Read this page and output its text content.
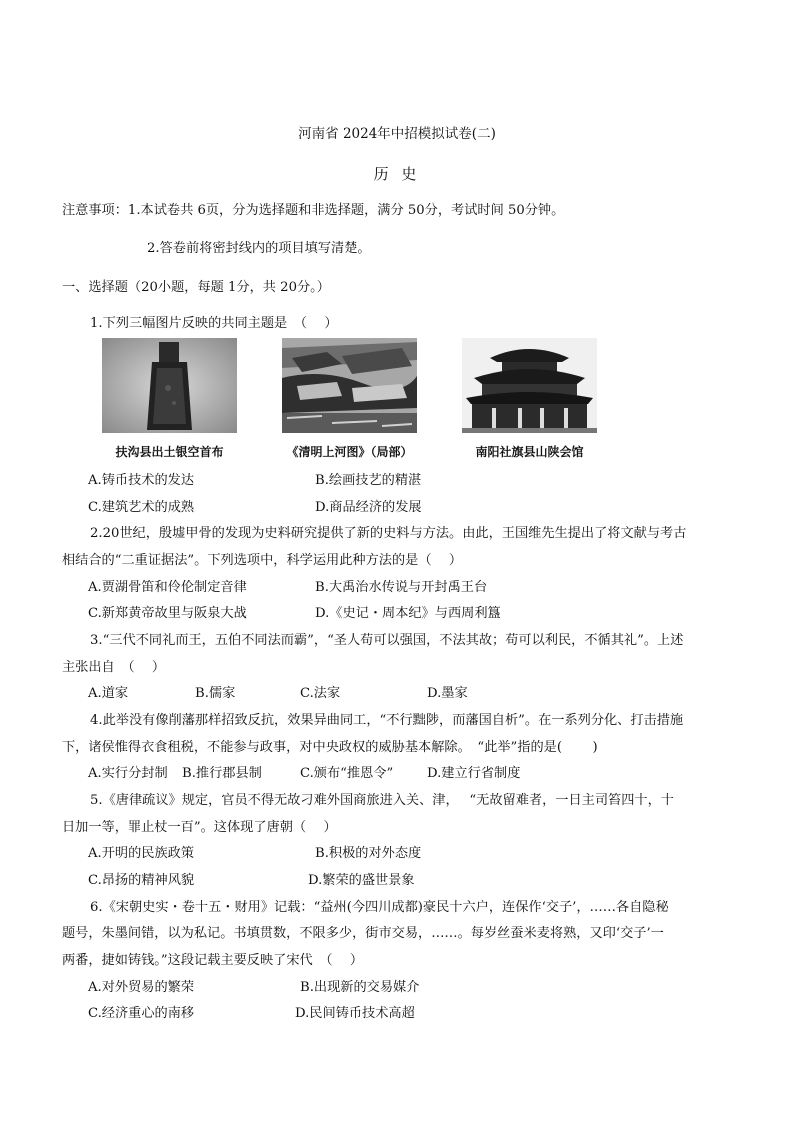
河南省 2024年中招模拟试卷(二)
历 史
注意事项：1.本试卷共 6页，分为选择题和非选择题，满分 50分，考试时间 50分钟。
2.答卷前将密封线内的项目填写清楚。
一、选择题（20小题，每题 1分，共 20分。）
1.下列三幅图片反映的共同主题是　（　 ）
扶沟县出土银空首布	《清明上河图》（局部）	南阳社旗县山陕会馆
A.铸币技术的发达	B.绘画技艺的精湛
C.建筑艺术的成熟	D.商品经济的发展
2.20世纪，殷墟甲骨的发现为史料研究提供了新的史料与方法。由此，王国维先生提出了将文献与考古
相结合的“二重证据法”。下列选项中，科学运用此种方法的是（　 ）
A.贾湖骨笛和伶伦制定音律	B.大禹治水传说与开封禹王台
C.新郑黄帝故里与阪泉大战	D.《史记・周本纪》与西周利簋
3.“三代不同礼而王，五伯不同法而霸”，“圣人苟可以强国，不法其故；苟可以利民，不循其礼”。上述
主张出自　（　 ）
A.道家	B.儒家	C.法家	D.墨家
4.此举没有像削藩那样招致反抗，效果异曲同工，“不行黜陟，而藩国自析”。在一系列分化、打击措施
下，诸侯惟得衣食租税，不能参与政事，对中央政权的威胁基本解除。　“此举”指的是(　 　)
A.实行分封制 B.推行郡县制	C.颁布“推恩令”	D.建立行省制度
5.《唐律疏议》规定，官员不得无故刁难外国商旅进入关、津，　 “无故留难者，一日主司笞四十，十
日加一等，罪止杖一百”。这体现了唐朝（　 ）
A.开明的民族政策	B.积极的对外态度
C.昂扬的精神风貌	D.繁荣的盛世景象
6.《宋朝史实・卷十五・财用》记载：“益州(今四川成都)豪民十六户，连保作‘交子’，……各自隐秘
题号，朱墨间错，以为私记。书填贯数，不限多少，街市交易，……。每岁丝蚕米麦将熟，又印‘交子’一
两番，捷如铸钱。”这段记载主要反映了宋代　（　 ）
A.对外贸易的繁荣	B.出现新的交易媒介
C.经济重心的南移	D.民间铸币技术高超
